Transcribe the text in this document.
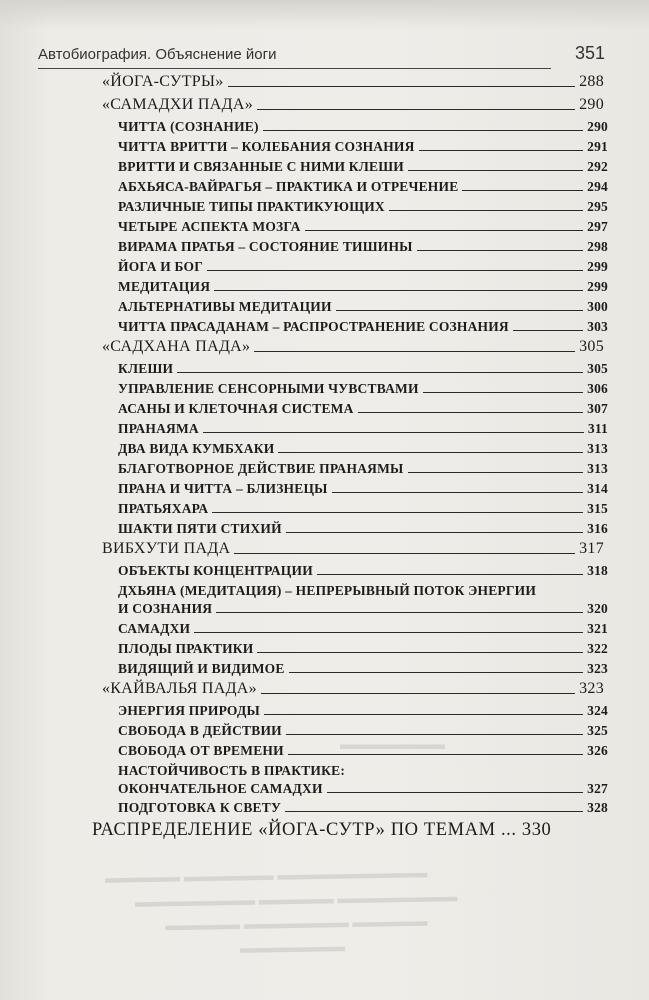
▬▬▬▬▬ ▬▬▬▬▬▬ ▬▬▬▬▬▬▬▬▬▬
▬▬▬▬▬▬▬▬ ▬▬▬▬▬ ▬▬▬▬▬▬▬▬
▬▬▬▬▬ ▬▬▬▬▬▬▬ ▬▬▬▬▬
▬▬▬▬▬▬▬
▬▬▬▬▬▬▬
Автобиография. Объяснение йоги	351
«ЙОГА-СУТРЫ»	288
«САМАДХИ ПАДА»	290
ЧИТТА (СОЗНАНИЕ)	290
ЧИТТА ВРИТТИ – КОЛЕБАНИЯ СОЗНАНИЯ	291
ВРИТТИ И СВЯЗАННЫЕ С НИМИ КЛЕШИ	292
АБХЬЯСА-ВАЙРАГЬЯ – ПРАКТИКА И ОТРЕЧЕНИЕ	294
РАЗЛИЧНЫЕ ТИПЫ ПРАКТИКУЮЩИХ	295
ЧЕТЫРЕ АСПЕКТА МОЗГА	297
ВИРАМА ПРАТЬЯ – СОСТОЯНИЕ ТИШИНЫ	298
ЙОГА И БОГ	299
МЕДИТАЦИЯ	299
АЛЬТЕРНАТИВЫ МЕДИТАЦИИ	300
ЧИТТА ПРАСАДАНАМ – РАСПРОСТРАНЕНИЕ СОЗНАНИЯ	303
«САДХАНА ПАДА»	305
КЛЕШИ	305
УПРАВЛЕНИЕ СЕНСОРНЫМИ ЧУВСТВАМИ	306
АСАНЫ И КЛЕТОЧНАЯ СИСТЕМА	307
ПРАНАЯМА	311
ДВА ВИДА КУМБХАКИ	313
БЛАГОТВОРНОЕ ДЕЙСТВИЕ ПРАНАЯМЫ	313
ПРАНА И ЧИТТА – БЛИЗНЕЦЫ	314
ПРАТЬЯХАРА	315
ШАКТИ ПЯТИ СТИХИЙ	316
ВИБХУТИ ПАДА	317
ОБЪЕКТЫ КОНЦЕНТРАЦИИ	318
ДХЬЯНА (МЕДИТАЦИЯ) – НЕПРЕРЫВНЫЙ ПОТОК ЭНЕРГИИ
И СОЗНАНИЯ	320
САМАДХИ	321
ПЛОДЫ ПРАКТИКИ	322
ВИДЯЩИЙ И ВИДИМОЕ	323
«КАЙВАЛЬЯ ПАДА»	323
ЭНЕРГИЯ ПРИРОДЫ	324
СВОБОДА В ДЕЙСТВИИ	325
СВОБОДА ОТ ВРЕМЕНИ	326
НАСТОЙЧИВОСТЬ В ПРАКТИКЕ:
ОКОНЧАТЕЛЬНОЕ САМАДХИ	327
ПОДГОТОВКА К СВЕТУ	328
РАСПРЕДЕЛЕНИЕ «ЙОГА-СУТР» ПО ТЕМАМ ... 330
